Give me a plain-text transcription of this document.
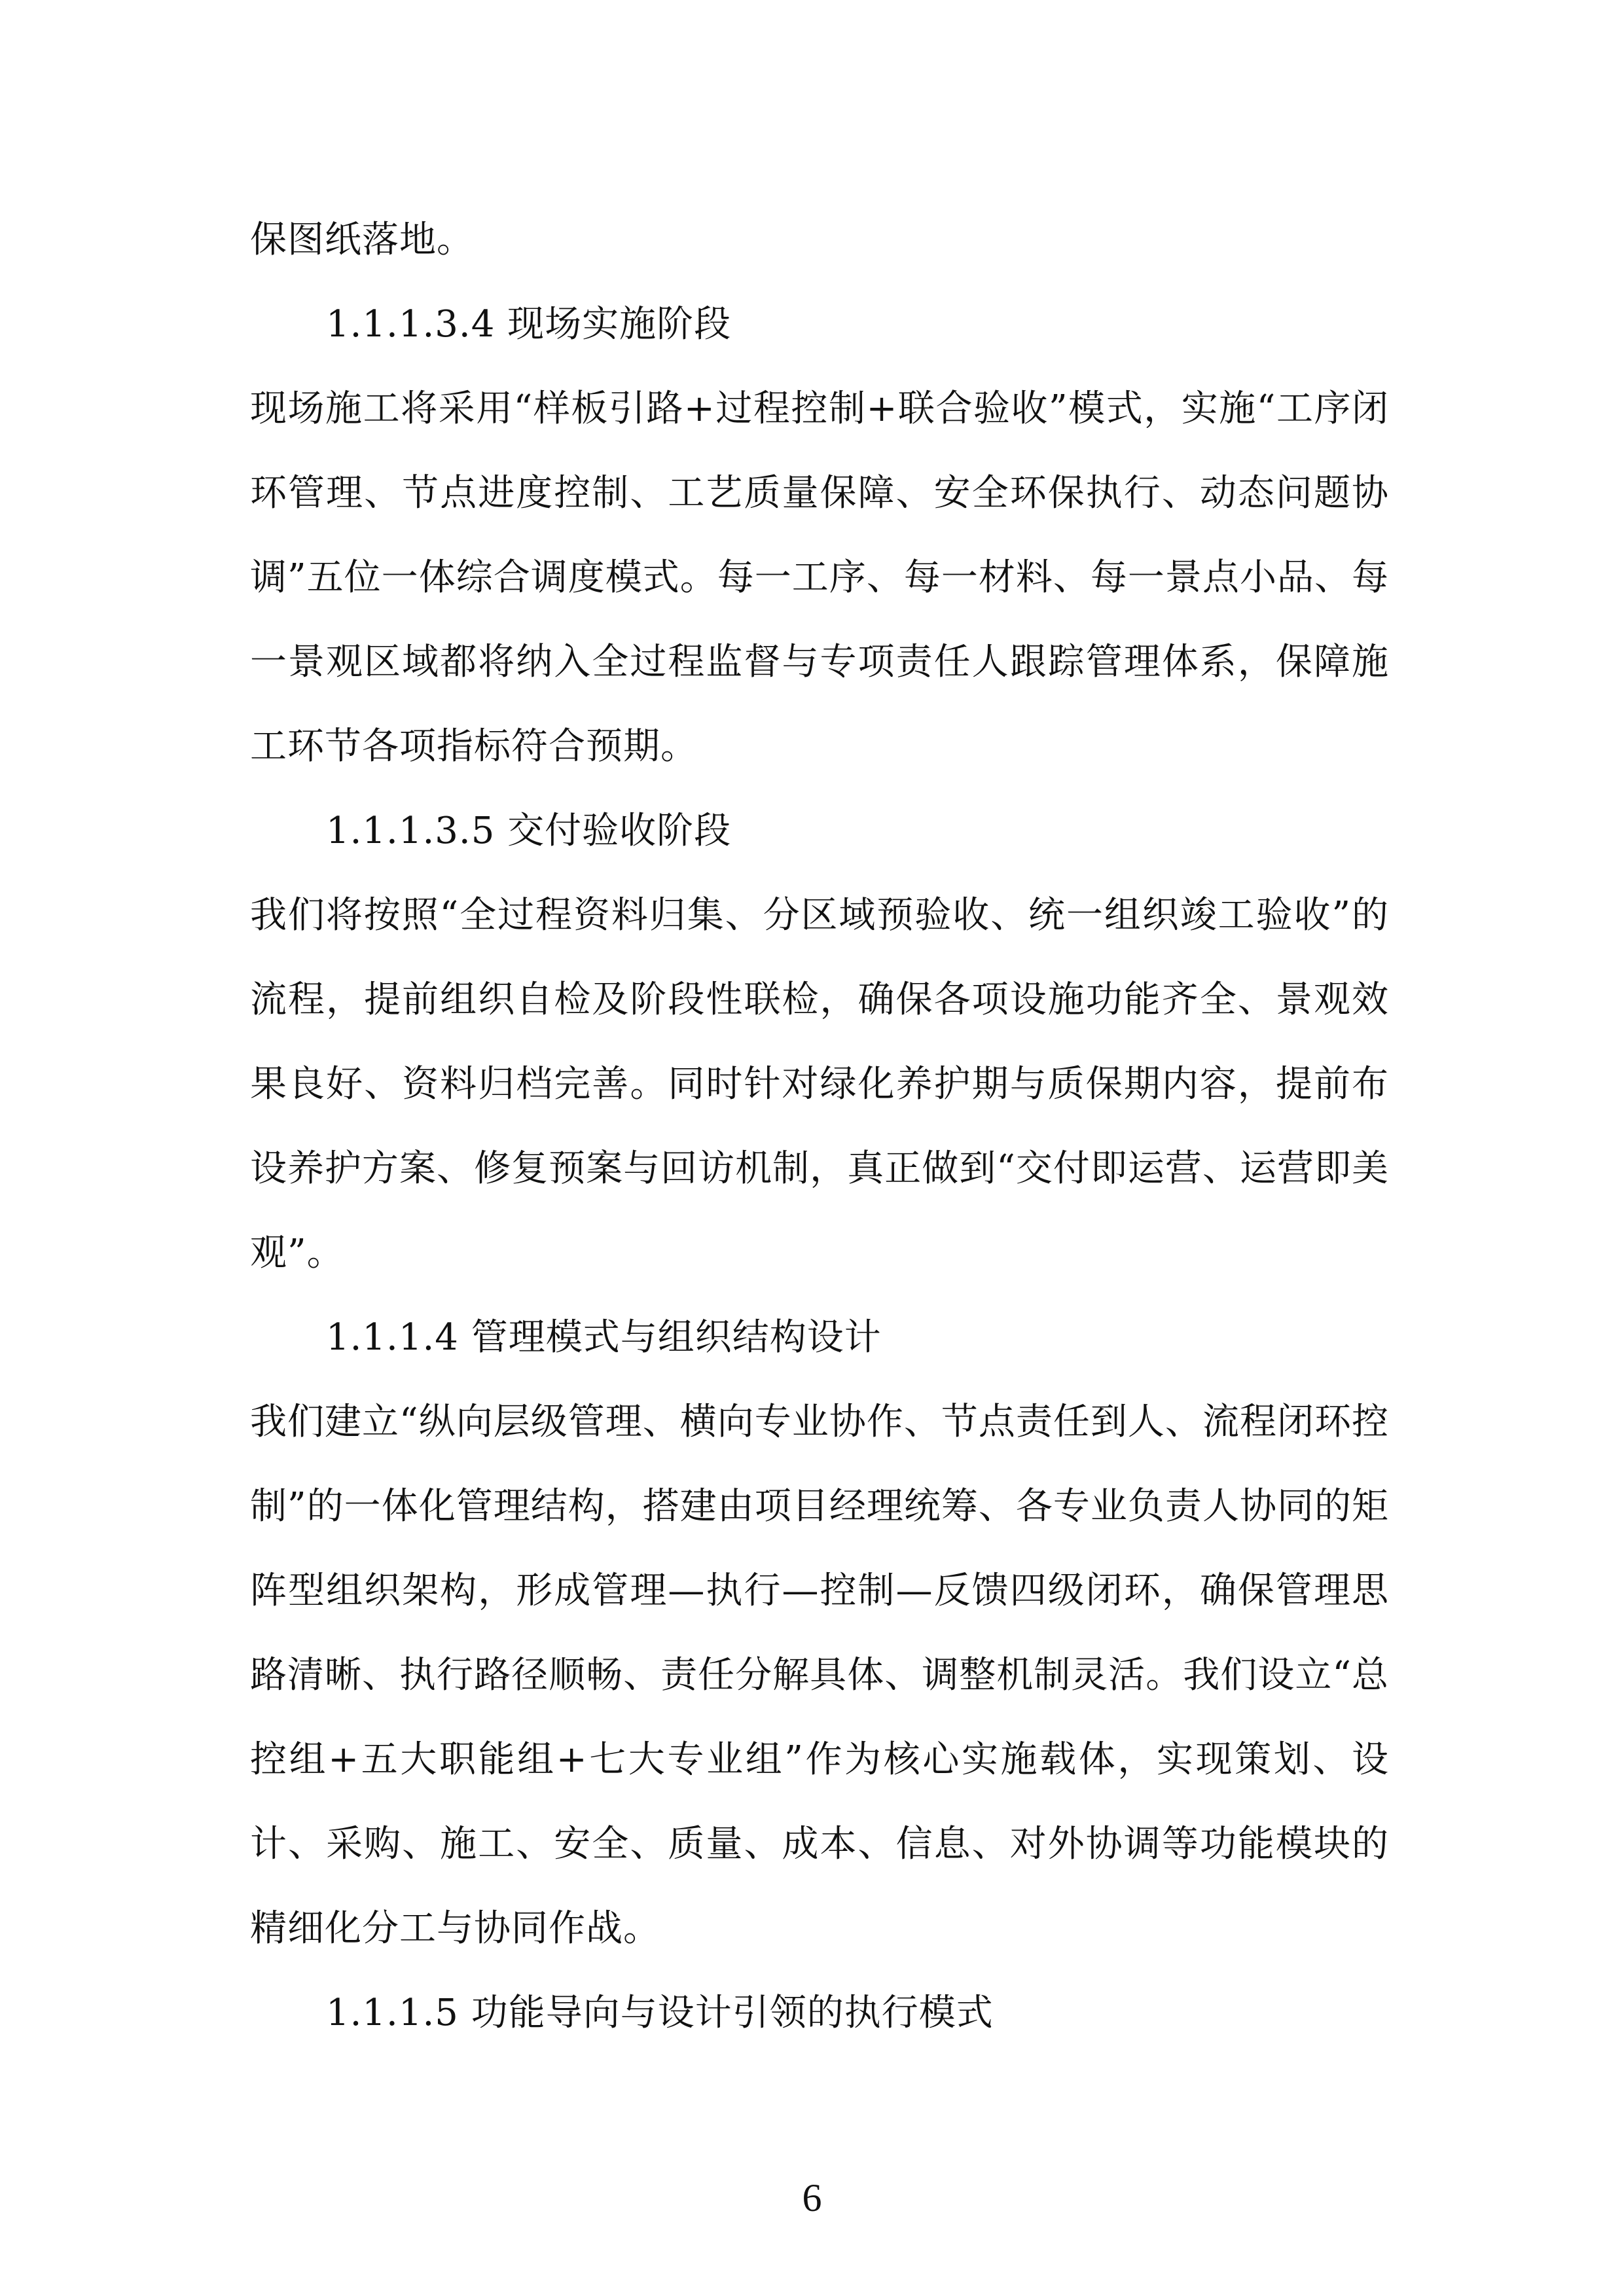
保图纸落地。

1.1.1.3.4 现场实施阶段

现场施工将采用“样板引路+过程控制+联合验收”模式，实施“工序闭环管理、节点进度控制、工艺质量保障、安全环保执行、动态问题协调”五位一体综合调度模式。每一工序、每一材料、每一景点小品、每一景观区域都将纳入全过程监督与专项责任人跟踪管理体系，保障施工环节各项指标符合预期。

1.1.1.3.5 交付验收阶段

我们将按照“全过程资料归集、分区域预验收、统一组织竣工验收”的流程，提前组织自检及阶段性联检，确保各项设施功能齐全、景观效果良好、资料归档完善。同时针对绿化养护期与质保期内容，提前布设养护方案、修复预案与回访机制，真正做到“交付即运营、运营即美观”。

1.1.1.4 管理模式与组织结构设计

我们建立“纵向层级管理、横向专业协作、节点责任到人、流程闭环控制”的一体化管理结构，搭建由项目经理统筹、各专业负责人协同的矩阵型组织架构，形成管理—执行—控制—反馈四级闭环，确保管理思路清晰、执行路径顺畅、责任分解具体、调整机制灵活。我们设立“总控组+五大职能组+七大专业组”作为核心实施载体，实现策划、设计、采购、施工、安全、质量、成本、信息、对外协调等功能模块的精细化分工与协同作战。

1.1.1.5 功能导向与设计引领的执行模式

6
